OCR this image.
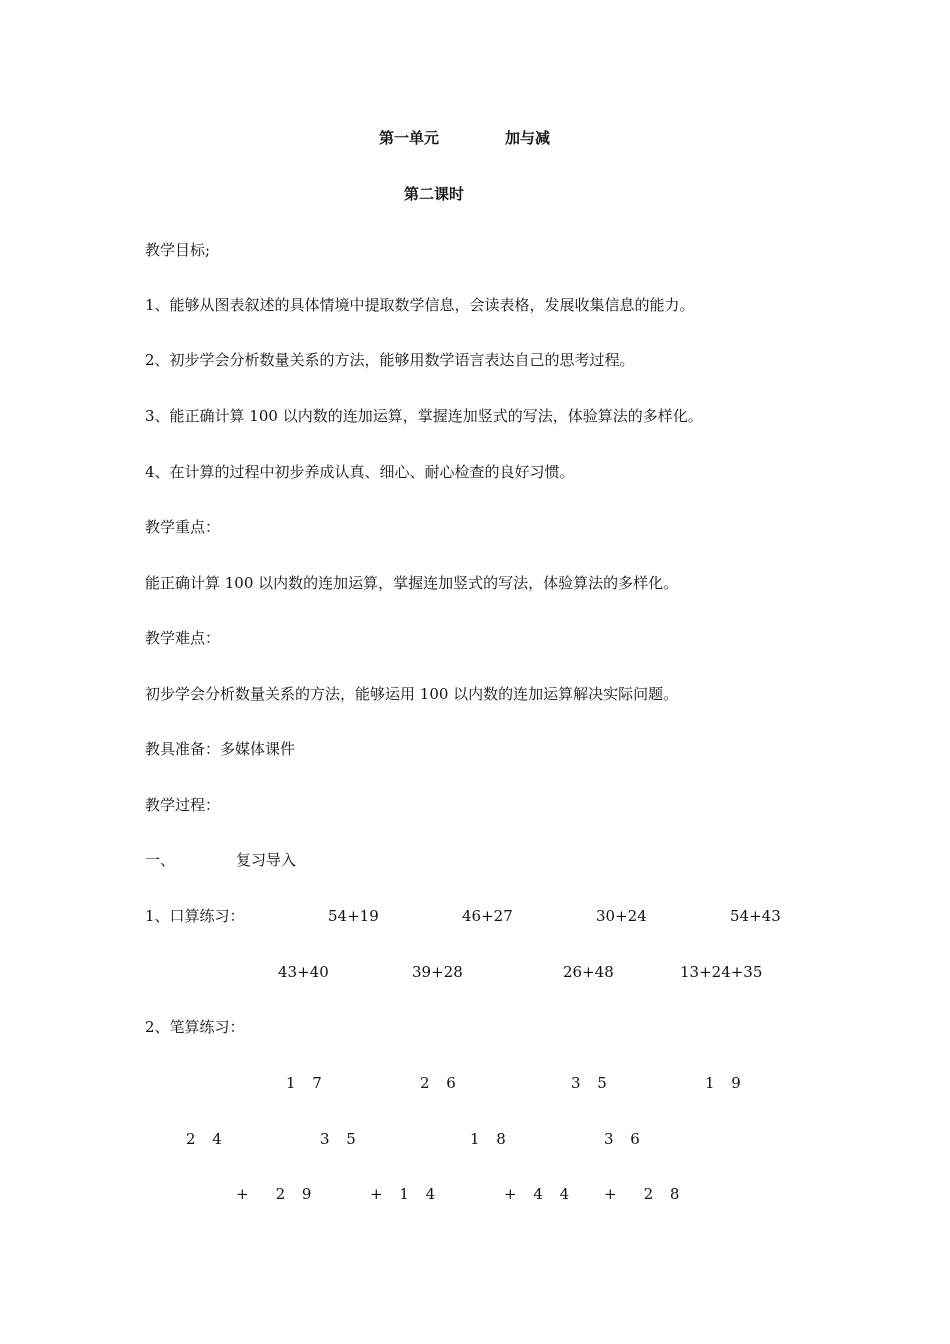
第一单元	加与减
第二课时
教学目标;
1、能够从图表叙述的具体情境中提取数学信息，会读表格，发展收集信息的能力。
2、初步学会分析数量关系的方法，能够用数学语言表达自己的思考过程。
3、能正确计算 100 以内数的连加运算，掌握连加竖式的写法，体验算法的多样化。
4、在计算的过程中初步养成认真、细心、耐心检查的良好习惯。
教学重点：
能正确计算 100 以内数的连加运算，掌握连加竖式的写法，体验算法的多样化。
教学难点：
初步学会分析数量关系的方法，能够运用 100 以内数的连加运算解决实际问题。
教具准备：多媒体课件
教学过程：
一、	复习导入
1、口算练习：	54+19	46+27	30+24	54+43
43+40	39+28	26+48	13+24+35
2、笔算练习：
1 7	2 6	3 5	1 9
2 4	3 5	1 8	3 6
+　2 9	+ 1 4	+ 4 4 +　2 8
